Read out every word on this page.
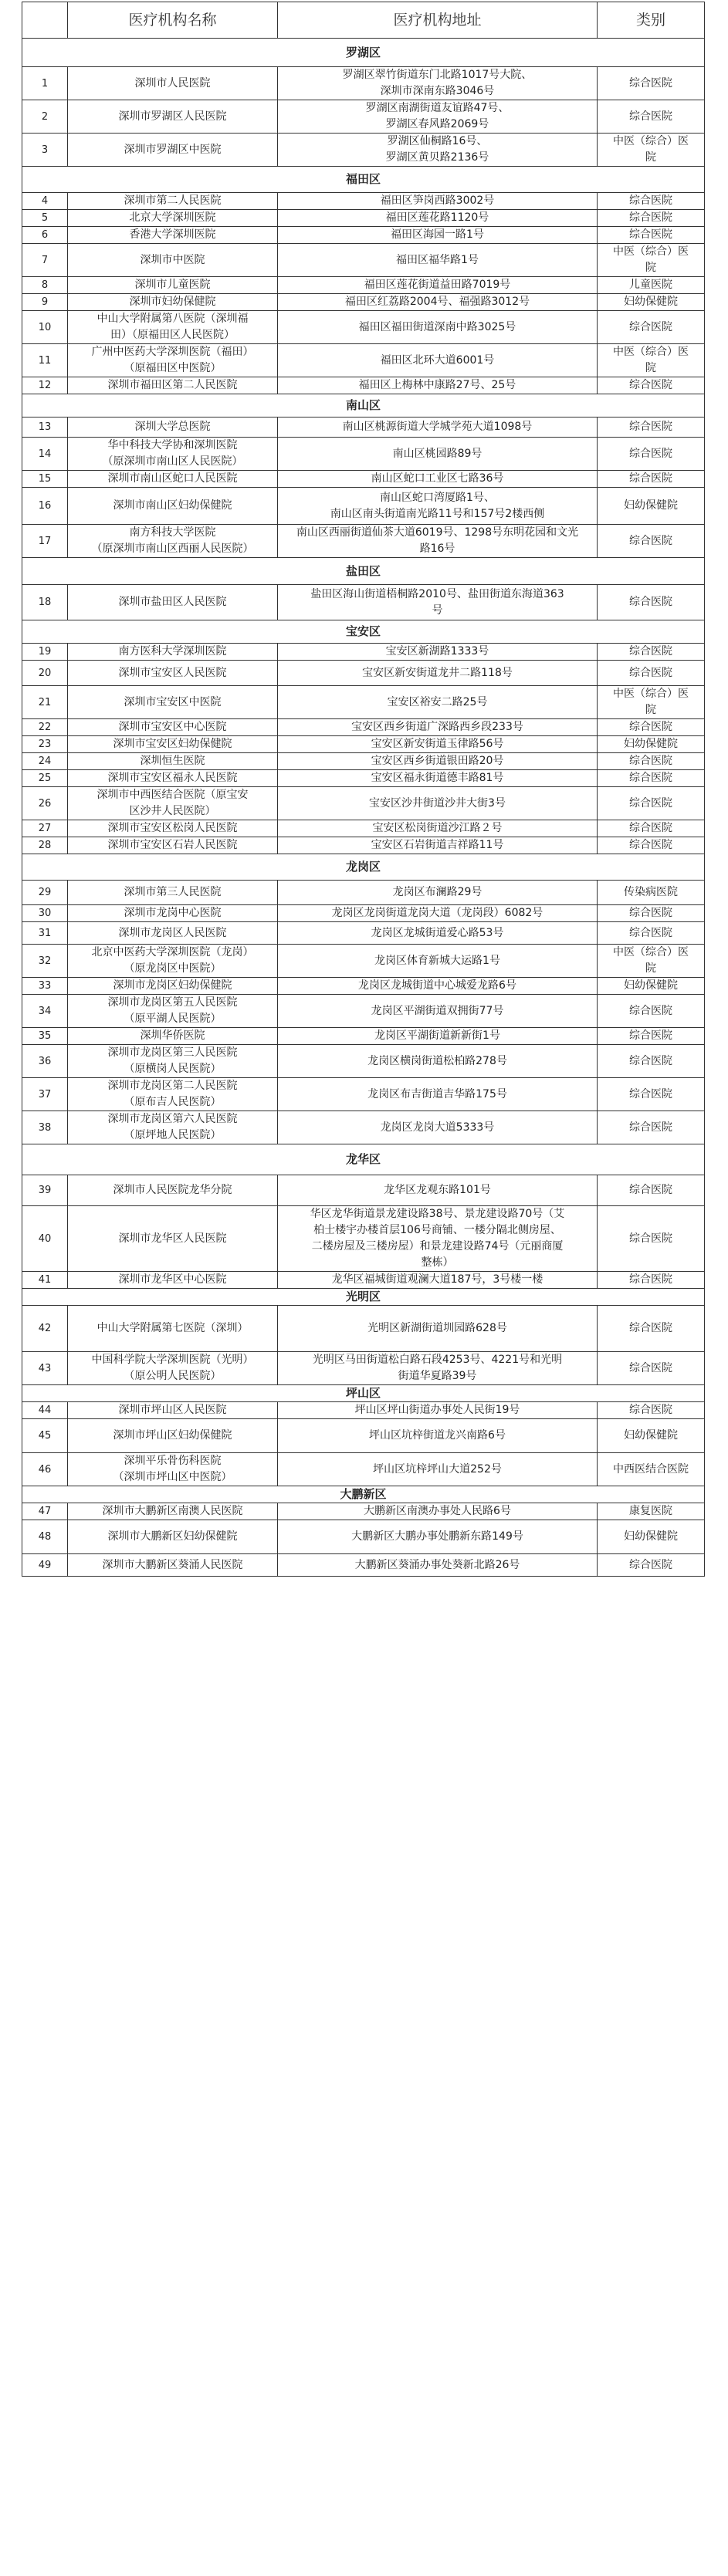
	医疗机构名称	医疗机构地址	类别
罗湖区			
1	深圳市人民医院	罗湖区翠竹街道东门北路1017号大院、
深圳市深南东路3046号	综合医院

2	深圳市罗湖区人民医院	罗湖区南湖街道友谊路47号、
罗湖区春风路2069号	综合医院

3	深圳市罗湖区中医院	罗湖区仙桐路16号、
罗湖区黄贝路2136号	中医（综合）医
院

福田区			
4	深圳市第二人民医院	福田区笋岗西路3002号	综合医院

5	北京大学深圳医院	福田区莲花路1120号	综合医院

6	香港大学深圳医院	福田区海园一路1号	综合医院

7	深圳市中医院	福田区福华路1号	中医（综合）医
院

8	深圳市儿童医院	福田区莲花街道益田路7019号	儿童医院

9	深圳市妇幼保健院	福田区红荔路2004号、福强路3012号	妇幼保健院

10	中山大学附属第八医院（深圳福
田）（原福田区人民医院）	福田区福田街道深南中路3025号	综合医院

11	广州中医药大学深圳医院（福田）
（原福田区中医院）	福田区北环大道6001号	中医（综合）医
院

12	深圳市福田区第二人民医院	福田区上梅林中康路27号、25号	综合医院

南山区			
13	深圳大学总医院	南山区桃源街道大学城学苑大道1098号	综合医院

14	华中科技大学协和深圳医院
（原深圳市南山区人民医院）	南山区桃园路89号	综合医院

15	深圳市南山区蛇口人民医院	南山区蛇口工业区七路36号	综合医院

16	深圳市南山区妇幼保健院	南山区蛇口湾厦路1号、
南山区南头街道南光路11号和157号2楼西侧	妇幼保健院

17	南方科技大学医院
（原深圳市南山区西丽人民医院）	南山区西丽街道仙茶大道6019号、1298号东明花园和文光
路16号	综合医院

盐田区			
18	深圳市盐田区人民医院	盐田区海山街道梧桐路2010号、盐田街道东海道363
号	综合医院

宝安区			
19	南方医科大学深圳医院	宝安区新湖路1333号	综合医院

20	深圳市宝安区人民医院	宝安区新安街道龙井二路118号	综合医院

21	深圳市宝安区中医院	宝安区裕安二路25号	中医（综合）医
院

22	深圳市宝安区中心医院	宝安区西乡街道广深路西乡段233号	综合医院

23	深圳市宝安区妇幼保健院	宝安区新安街道玉律路56号	妇幼保健院

24	深圳恒生医院	宝安区西乡街道银田路20号	综合医院

25	深圳市宝安区福永人民医院	宝安区福永街道德丰路81号	综合医院

26	深圳市中西医结合医院（原宝安
区沙井人民医院）	宝安区沙井街道沙井大街3号	综合医院

27	深圳市宝安区松岗人民医院	宝安区松岗街道沙江路２号	综合医院

28	深圳市宝安区石岩人民医院	宝安区石岩街道吉祥路11号	综合医院

龙岗区			
29	深圳市第三人民医院	龙岗区布澜路29号	传染病医院

30	深圳市龙岗中心医院	龙岗区龙岗街道龙岗大道（龙岗段）6082号	综合医院

31	深圳市龙岗区人民医院	龙岗区龙城街道爱心路53号	综合医院

32	北京中医药大学深圳医院（龙岗）
（原龙岗区中医院）	龙岗区体育新城大运路1号	中医（综合）医
院

33	深圳市龙岗区妇幼保健院	龙岗区龙城街道中心城爱龙路6号	妇幼保健院

34	深圳市龙岗区第五人民医院
（原平湖人民医院）	龙岗区平湖街道双拥街77号	综合医院

35	深圳华侨医院	龙岗区平湖街道新新街1号	综合医院

36	深圳市龙岗区第三人民医院
（原横岗人民医院）	龙岗区横岗街道松柏路278号	综合医院

37	深圳市龙岗区第二人民医院
（原布吉人民医院）	龙岗区布吉街道吉华路175号	综合医院

38	深圳市龙岗区第六人民医院
（原坪地人民医院）	龙岗区龙岗大道5333号	综合医院

龙华区			
39	深圳市人民医院龙华分院	龙华区龙观东路101号	综合医院

40	深圳市龙华区人民医院	华区龙华街道景龙建设路38号、景龙建设路70号（艾
柏士楼宇办楼首层106号商铺、一楼分隔北侧房屋、
二楼房屋及三楼房屋）和景龙建设路74号（元丽商厦
整栋）	综合医院

41	深圳市龙华区中心医院	龙华区福城街道观澜大道187号，3号楼一楼	综合医院

光明区			
42	中山大学附属第七医院（深圳）	光明区新湖街道圳园路628号	综合医院

43	中国科学院大学深圳医院（光明）
（原公明人民医院）	光明区马田街道松白路石段4253号、4221号和光明
街道华夏路39号	综合医院

坪山区			
44	深圳市坪山区人民医院	坪山区坪山街道办事处人民街19号	综合医院

45	深圳市坪山区妇幼保健院	坪山区坑梓街道龙兴南路6号	妇幼保健院

46	深圳平乐骨伤科医院
（深圳市坪山区中医院）	坪山区坑梓坪山大道252号	中西医结合医院

大鹏新区			
47	深圳市大鹏新区南澳人民医院	大鹏新区南澳办事处人民路6号	康复医院

48	深圳市大鹏新区妇幼保健院	大鹏新区大鹏办事处鹏新东路149号	妇幼保健院

49	深圳市大鹏新区葵涌人民医院	大鹏新区葵涌办事处葵新北路26号	综合医院
